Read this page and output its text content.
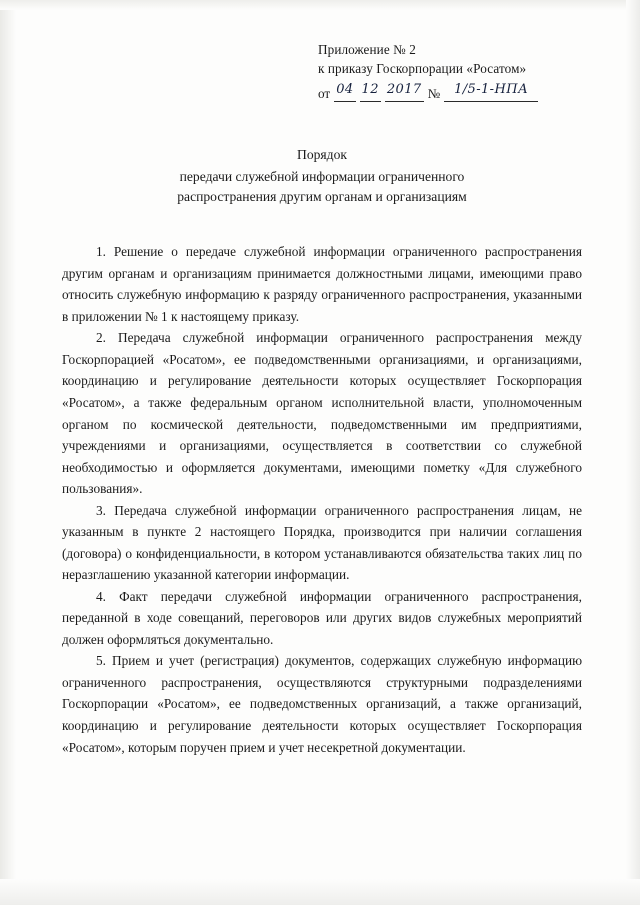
Приложение № 2
к приказу Госкорпорации «Росатом»
от 04 12 2017 №	1/5-1-НПА
Порядок
передачи служебной информации ограниченного
распространения другим органам и организациям

1. Решение о передаче служебной информации ограниченного распространения другим органам и организациям принимается должностными лицами, имеющими право относить служебную информацию к разряду ограниченного распространения, указанными в приложении № 1 к настоящему приказу.

2. Передача служебной информации ограниченного распространения между Госкорпорацией «Росатом», ее подведомственными организациями, и организациями, координацию и регулирование деятельности которых осуществляет Госкорпорация «Росатом», а также федеральным органом исполнительной власти, уполномоченным органом по космической деятельности, подведомственными им предприятиями, учреждениями и организациями, осуществляется в соответствии со служебной необходимостью и оформляется документами, имеющими пометку «Для служебного пользования».

3. Передача служебной информации ограниченного распространения лицам, не указанным в пункте 2 настоящего Порядка, производится при наличии соглашения (договора) о конфиденциальности, в котором устанавливаются обязательства таких лиц по неразглашению указанной категории информации.

4. Факт передачи служебной информации ограниченного распространения, переданной в ходе совещаний, переговоров или других видов служебных мероприятий должен оформляться документально.

5. Прием и учет (регистрация) документов, содержащих служебную информацию ограниченного распространения, осуществляются структурными подразделениями Госкорпорации «Росатом», ее подведомственных организаций, а также организаций, координацию и регулирование деятельности которых осуществляет Госкорпорация «Росатом», которым поручен прием и учет несекретной документации.
